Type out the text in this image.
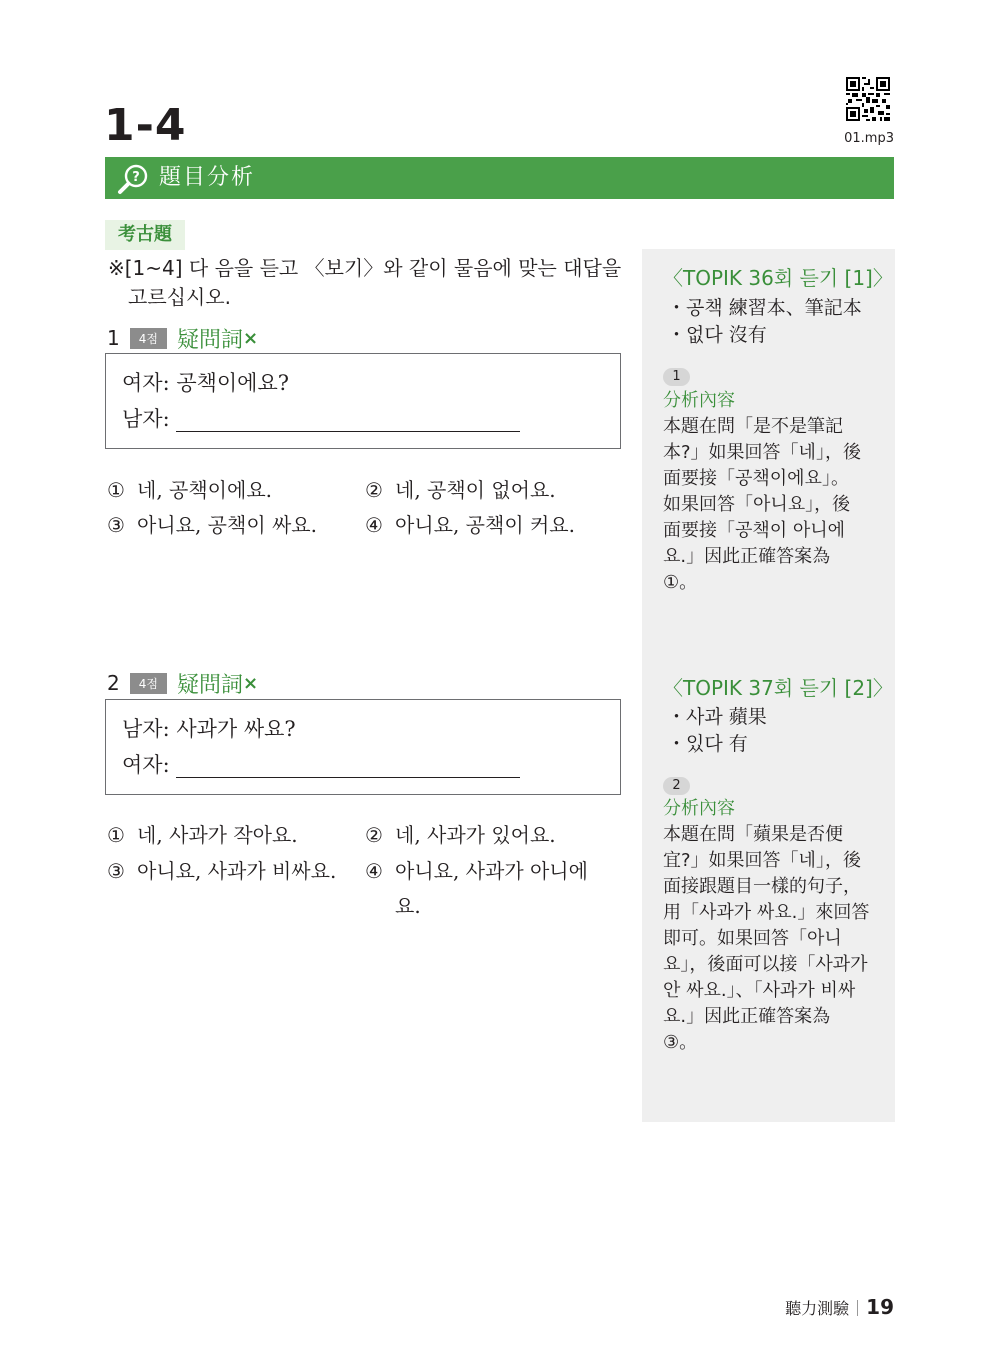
1-4	01.mp3
? 題目分析
考古題
※[1~4] 다 음을 듣고 〈보기〉와 같이 물음에 맞는 대답을
고르십시오.
1	4점 疑問詞 ×
여자: 공책이에요?
남자:
① 네, 공책이에요.	② 네, 공책이 없어요.
③ 아니요, 공책이 싸요. ④ 아니요, 공책이 커요.
2	4점 疑問詞 ×
남자: 사과가 싸요?
여자:
① 네, 사과가 작아요.	② 네, 사과가 있어요.
③ 아니요, 사과가 비싸요. ④ 아니요, 사과가 아니에
요.
〈TOPIK 36회 듣기 [1]〉
・공책 練習本、筆記本
・없다 沒有
1
分析內容
本題在問「是不是筆記
本?」如果回答「네」，後
面要接「공책이에요」。
如果回答「아니요」，後
面要接「공책이 아니에
요.」因此正確答案為
①。
〈TOPIK 37회 듣기 [2]〉
・사과 蘋果
・있다 有
2
分析內容
本題在問「蘋果是否便
宜?」如果回答「네」，後
面接跟題目一樣的句子，
用「사과가 싸요.」來回答
即可。如果回答「아니
요」，後面可以接「사과가
안 싸요.」、「사과가 비싸
요.」因此正確答案為
③。
聽力測驗 19
